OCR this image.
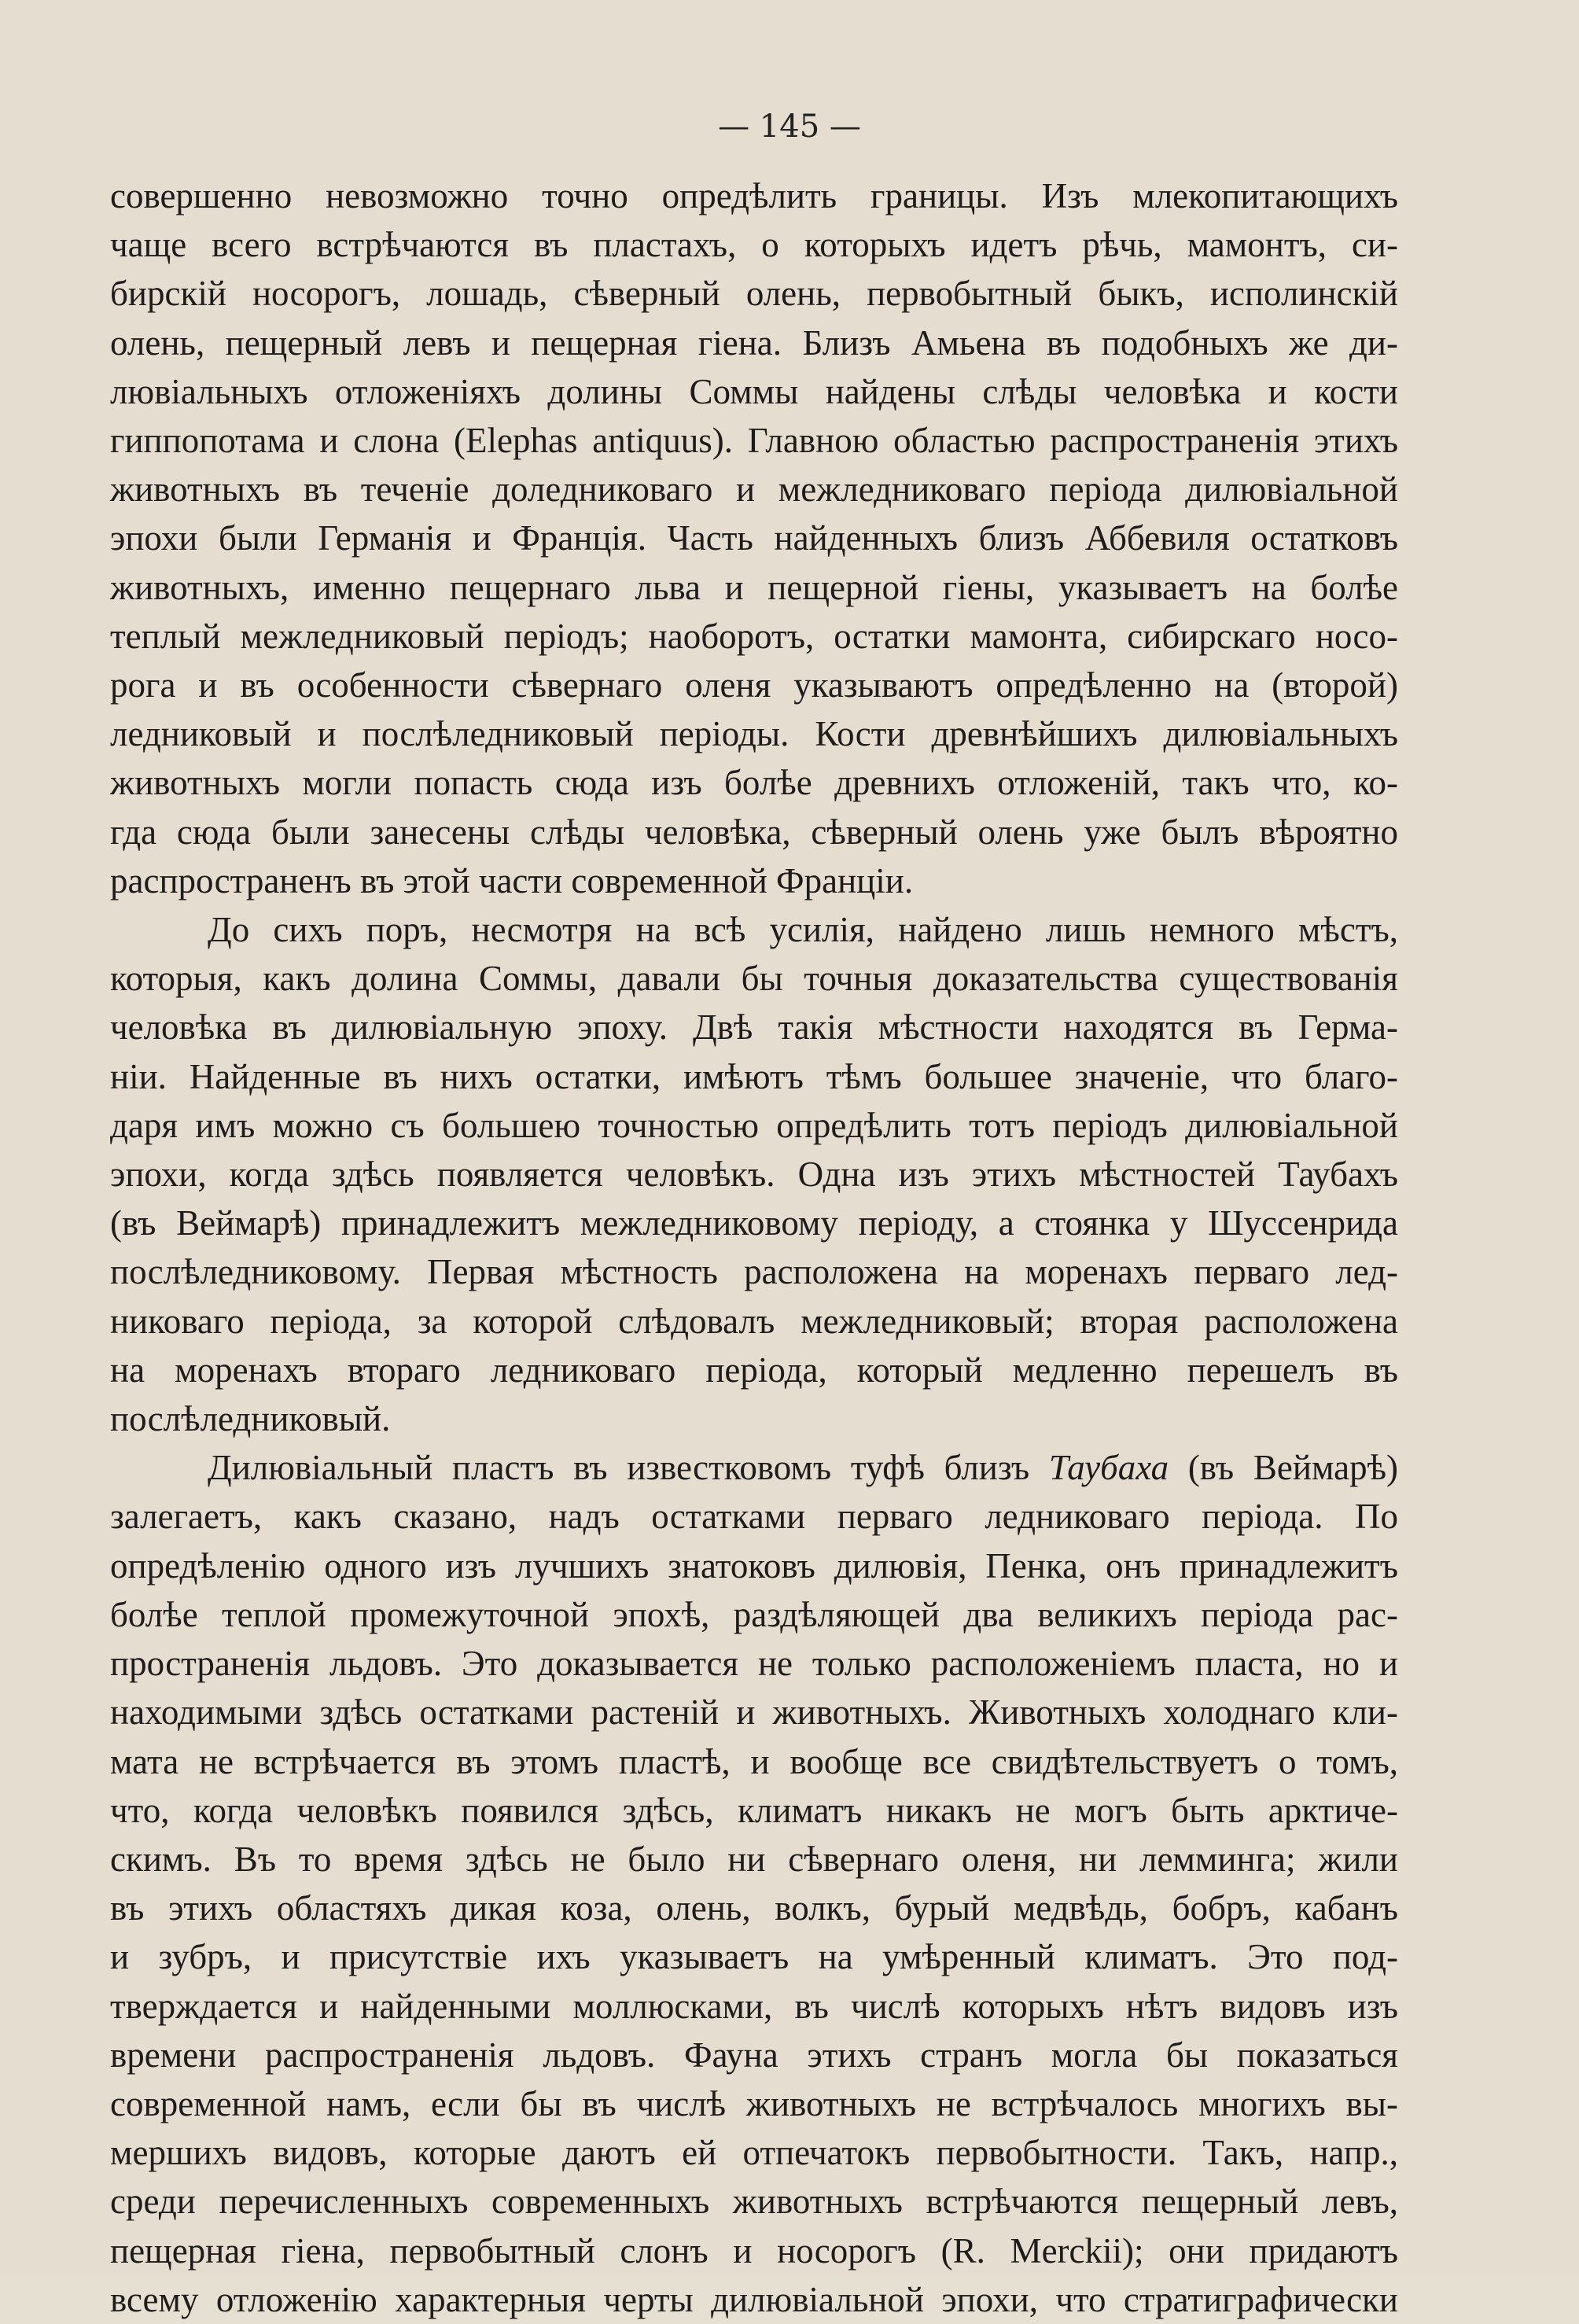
— 145 —

совершенно невозможно точно опредѣлить границы. Изъ млекопитающихъ
чаще всего встрѣчаются въ пластахъ, о которыхъ идетъ рѣчь, мамонтъ, си-
бирскій носорогъ, лошадь, сѣверный олень, первобытный быкъ, исполинскій
олень, пещерный левъ и пещерная гіена. Близъ Амьена въ подобныхъ же ди-
лювіальныхъ отложеніяхъ долины Соммы найдены слѣды человѣка и кости
гиппопотама и слона (Elephas antiquus). Главною областью распространенія этихъ
животныхъ въ теченіе доледниковаго и межледниковаго періода дилювіальной
эпохи были Германія и Франція. Часть найденныхъ близъ Аббевиля остатковъ
животныхъ, именно пещернаго льва и пещерной гіены, указываетъ на болѣе
теплый межледниковый періодъ; наоборотъ, остатки мамонта, сибирскаго носо-
рога и въ особенности сѣвернаго оленя указываютъ опредѣленно на (второй)
ледниковый и послѣледниковый періоды. Кости древнѣйшихъ дилювіальныхъ
животныхъ могли попасть сюда изъ болѣе древнихъ отложеній, такъ что, ко-
гда сюда были занесены слѣды человѣка, сѣверный олень уже былъ вѣроятно
распространенъ въ этой части современной Франціи.

До сихъ поръ, несмотря на всѣ усилія, найдено лишь немного мѣстъ,
которыя, какъ долина Соммы, давали бы точныя доказательства существованія
человѣка въ дилювіальную эпоху. Двѣ такія мѣстности находятся въ Герма-
ніи. Найденные въ нихъ остатки, имѣютъ тѣмъ большее значеніе, что благо-
даря имъ можно съ большею точностью опредѣлить тотъ періодъ дилювіальной
эпохи, когда здѣсь появляется человѣкъ. Одна изъ этихъ мѣстностей Таубахъ
(въ Веймарѣ) принадлежитъ межледниковому періоду, а стоянка у Шуссенрида
послѣледниковому. Первая мѣстность расположена на моренахъ перваго лед-
никоваго періода, за которой слѣдовалъ межледниковый; вторая расположена
на моренахъ втораго ледниковаго періода, который медленно перешелъ въ
послѣледниковый.

Дилювіальный пластъ въ известковомъ туфѣ близъ Таубаха (въ Веймарѣ)
залегаетъ, какъ сказано, надъ остатками перваго ледниковаго періода. По
опредѣленію одного изъ лучшихъ знатоковъ дилювія, Пенка, онъ принадлежитъ
болѣе теплой промежуточной эпохѣ, раздѣляющей два великихъ періода рас-
пространенія льдовъ. Это доказывается не только расположеніемъ пласта, но и
находимыми здѣсь остатками растеній и животныхъ. Животныхъ холоднаго кли-
мата не встрѣчается въ этомъ пластѣ, и вообще все свидѣтельствуетъ о томъ,
что, когда человѣкъ появился здѣсь, климатъ никакъ не могъ быть арктиче-
скимъ. Въ то время здѣсь не было ни сѣвернаго оленя, ни лемминга; жили
въ этихъ областяхъ дикая коза, олень, волкъ, бурый медвѣдь, бобръ, кабанъ
и зубръ, и присутствіе ихъ указываетъ на умѣренный климатъ. Это под-
тверждается и найденными моллюсками, въ числѣ которыхъ нѣтъ видовъ изъ
времени распространенія льдовъ. Фауна этихъ странъ могла бы показаться
современной намъ, если бы въ числѣ животныхъ не встрѣчалось многихъ вы-
мершихъ видовъ, которые даютъ ей отпечатокъ первобытности. Такъ, напр.,
среди перечисленныхъ современныхъ животныхъ встрѣчаются пещерный левъ,
пещерная гіена, первобытный слонъ и носорогъ (R. Merckii); они придаютъ
всему отложенію характерныя черты дилювіальной эпохи, что стратиграфически
